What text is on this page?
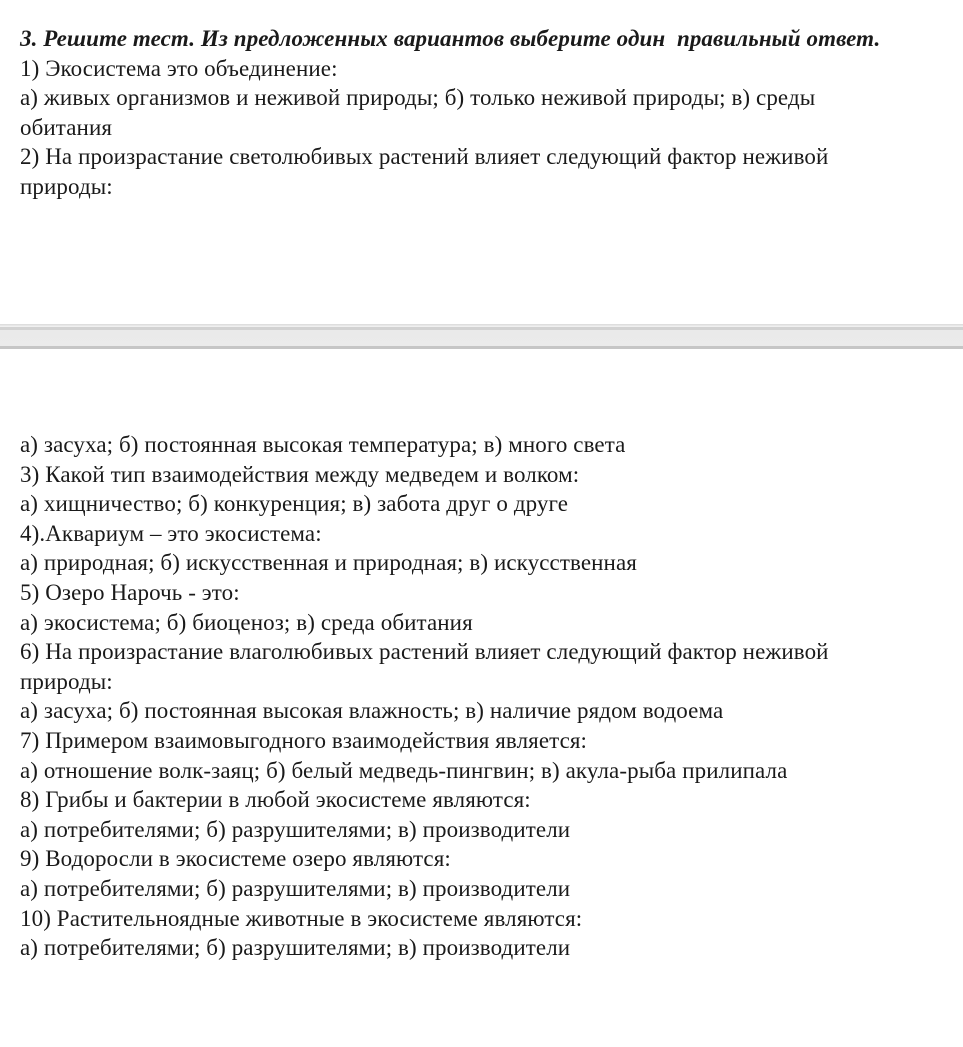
3. Решите тест. Из предложенных вариантов выберите один  правильный ответ.
1) Экосистема это объединение:
а) живых организмов и неживой природы; б) только неживой природы; в) среды
обитания
2) На произрастание светолюбивых растений влияет следующий фактор неживой
природы:
а) засуха; б) постоянная высокая температура; в) много света
3) Какой тип взаимодействия между медведем и волком:
а) хищничество; б) конкуренция; в) забота друг о друге
4).Аквариум – это экосистема:
а) природная; б) искусственная и природная; в) искусственная
5) Озеро Нарочь - это:
а) экосистема; б) биоценоз; в) среда обитания
6) На произрастание влаголюбивых растений влияет следующий фактор неживой
природы:
а) засуха; б) постоянная высокая влажность; в) наличие рядом водоема
7) Примером взаимовыгодного взаимодействия является:
а) отношение волк-заяц; б) белый медведь-пингвин; в) акула-рыба прилипала
8) Грибы и бактерии в любой экосистеме являются:
а) потребителями; б) разрушителями; в) производители
9) Водоросли в экосистеме озеро являются:
а) потребителями; б) разрушителями; в) производители
10) Растительноядные животные в экосистеме являются:
а) потребителями; б) разрушителями; в) производители
